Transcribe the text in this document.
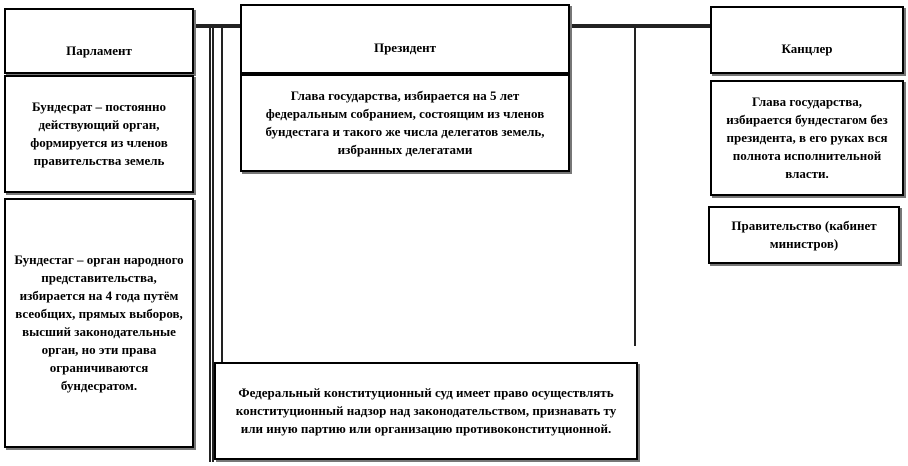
Парламент
Бундесрат – постоянно действующий орган, формируется из членов правительства земель
Бундестаг – орган народного представительства, избирается на 4 года путём всеобщих, прямых выборов, высший законодательные орган, но эти права ограничиваются бундесратом.
Президент
Глава государства, избирается на 5 лет федеральным собранием, состоящим из членов бундестага и такого же числа делегатов земель, избранных делегатами
Канцлер
Глава государства, избирается бундестагом без президента, в его руках вся полнота исполнительной власти.
Правительство (кабинет министров)
Федеральный конституционный суд имеет право осуществлять конституционный надзор над законодательством, признавать ту или иную партию или организацию противоконституционной.
